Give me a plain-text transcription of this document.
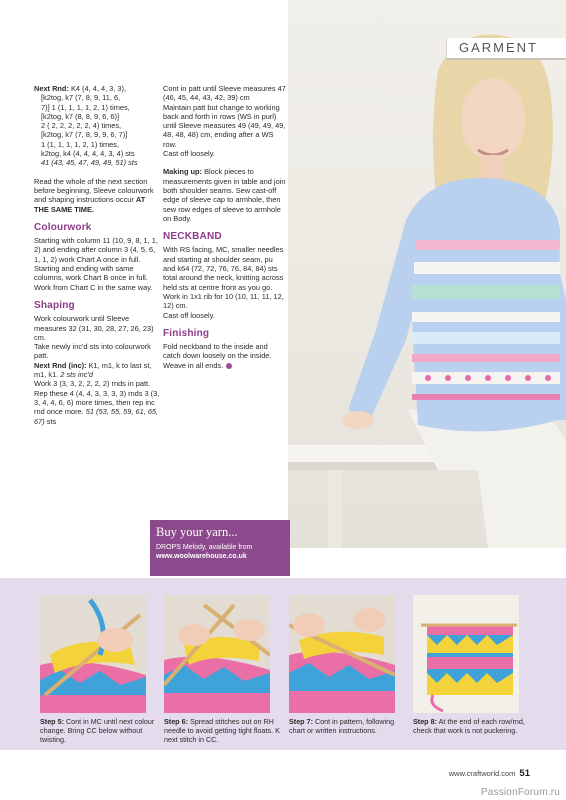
GARMENT

Next Rnd: K4 (4, 4, 4, 3, 3),
[k2tog, k7 (7, 8, 9, 11, 6,
7)] 1 (1, 1, 1, 1, 2, 1) times,
[k2tog, k7 (8, 8, 9, 6, 6)]
2 ( 2, 2, 2, 2, 2, 4) times,
[k2tog, k7 (7, 8, 9, 9, 6, 7)]
1 (1, 1, 1, 1, 2, 1) times,
k2tog, k4 (4, 4, 4, 4, 3, 4) sts
41 (43, 45, 47, 49, 49, 51) sts

Read the whole of the next section before beginning, Sleeve colourwork and shaping instructions occur AT THE SAME TIME.

Colourwork

Starting with column 11 (10, 9, 8, 1, 1, 2) and ending after column 3 (4, 5, 6, 1, 1, 2) work Chart A once in full.

Starting and ending with same columns, work Chart B once in full.

Work from Chart C in the same way.

Shaping

Work colourwork until Sleeve measures 32 (31, 30, 28, 27, 26, 23) cm.

Take newly inc'd sts into colourwork patt.

Next Rnd (inc): K1, m1, k to last st, m1, k1. 2 sts inc'd

Work 3 (3, 3, 2, 2, 2, 2) rnds in patt.

Rep these 4 (4, 4, 3, 3, 3, 3) rnds 3 (3, 3, 4, 4, 6, 6) more times, then rep inc rnd once more. 51 (53, 55, 59, 61, 65, 67) sts

Cont in patt until Sleeve measures 47 (46, 45, 44, 43, 42, 39) cm

Maintain patt but change to working back and forth in rows (WS in purl) until Sleeve measures 49 (49, 49, 49, 48, 48, 48) cm, ending after a WS row.

Cast off loosely.

Making up: Block pieces to measurements given in table and join both shoulder seams. Sew cast-off edge of sleeve cap to armhole, then sew row edges of sleeve to armhole on Body.

NECKBAND

With RS facing, MC, smaller needles and starting at shoulder seam, pu and k64 (72, 72, 76, 76, 84, 84) sts total around the neck, knitting across held sts at centre front as you go.

Work in 1x1 rib for 10 (10, 11, 11, 12, 12) cm.

Cast off loosely.

Finishing

Fold neckband to the inside and catch down loosely on the inside. Weave in all ends.

Buy your yarn...
DROPS Melody, available from
www.woolwarehouse.co.uk
Step 5: Cont in MC until next colour change. Bring CC below without twisting.
Step 6: Spread stitches out on RH needle to avoid getting tight floats. K next stitch in CC.
Step 7: Cont in pattern, following chart or written instructions.
Step 8: At the end of each row/rnd, check that work is not puckering.
www.craftworld.com 51
PassionForum.ru
